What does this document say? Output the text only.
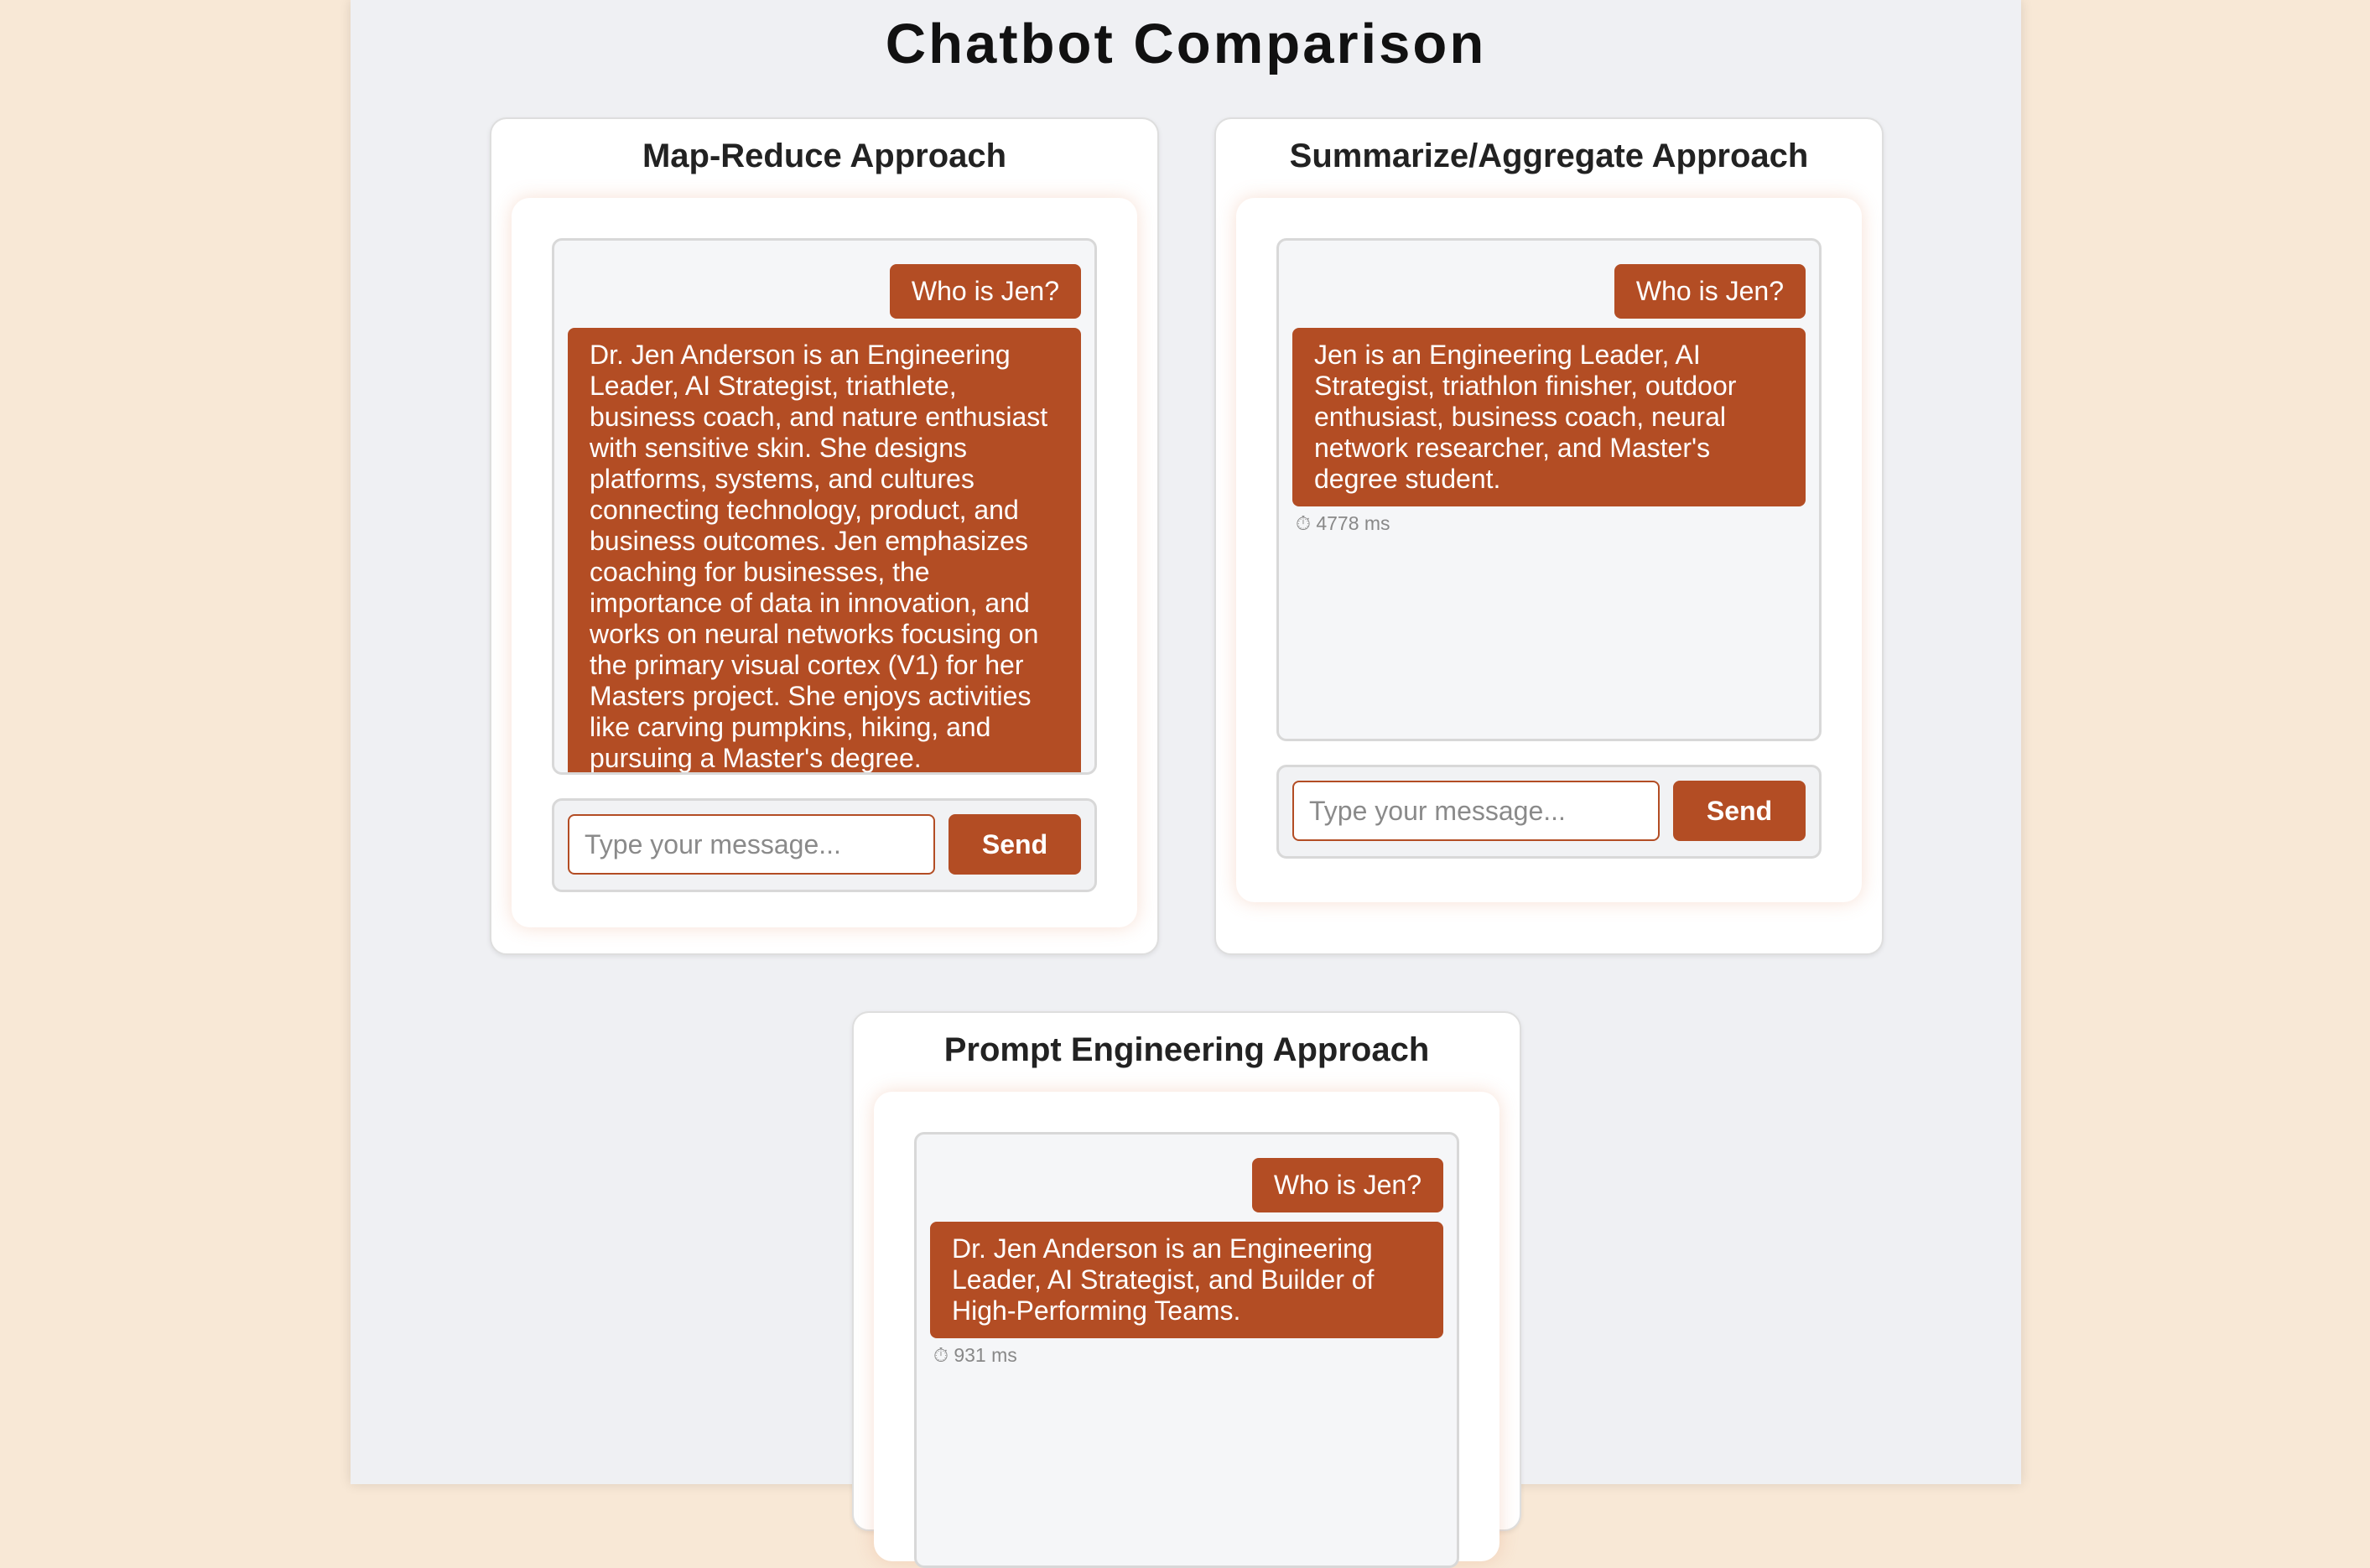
Chatbot Comparison
Map-Reduce Approach
Who is Jen?
Dr. Jen Anderson is an Engineering Leader, AI Strategist, triathlete, business coach, and nature enthusiast with sensitive skin. She designs platforms, systems, and cultures connecting technology, product, and business outcomes. Jen emphasizes coaching for businesses, the importance of data in innovation, and works on neural networks focusing on the primary visual cortex (V1) for her Masters project. She enjoys activities like carving pumpkins, hiking, and pursuing a Master's degree.
Type your message...
Send
Summarize/Aggregate Approach
Who is Jen?
Jen is an Engineering Leader, AI Strategist, triathlon finisher, outdoor enthusiast, business coach, neural network researcher, and Master's degree student.
⏱ 4778 ms
Type your message...
Send
Prompt Engineering Approach
Who is Jen?
Dr. Jen Anderson is an Engineering Leader, AI Strategist, and Builder of High-Performing Teams.
⏱ 931 ms
